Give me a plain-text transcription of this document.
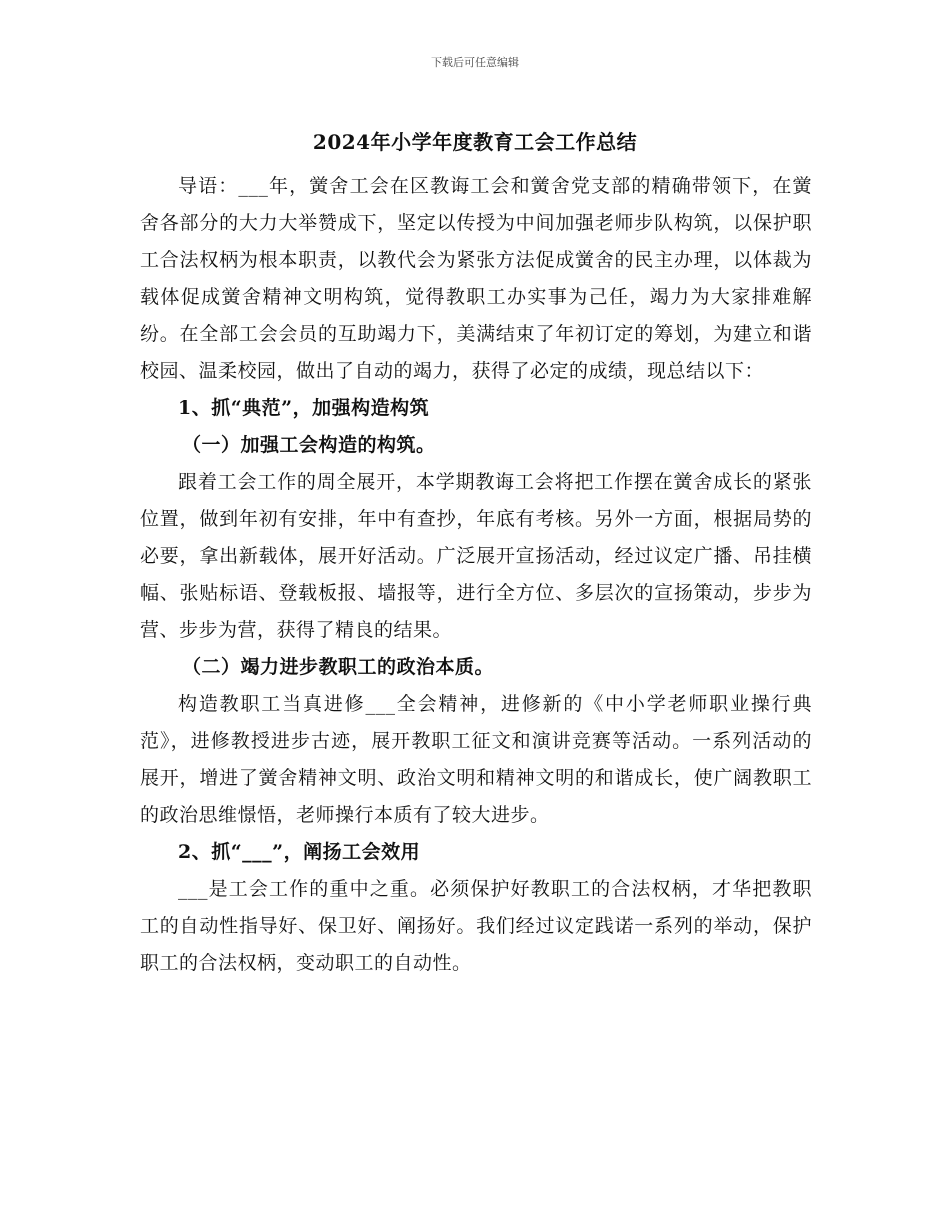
下载后可任意编辑
2024年小学年度教育工会工作总结

导语：___年，黉舍工会在区教诲工会和黉舍党支部的精确带领下，在黉舍各部分的大力大举赞成下，坚定以传授为中间加强老师步队构筑，以保护职工合法权柄为根本职责，以教代会为紧张方法促成黉舍的民主办理，以体裁为载体促成黉舍精神文明构筑，觉得教职工办实事为己任，竭力为大家排难解纷。在全部工会会员的互助竭力下，美满结束了年初订定的筹划，为建立和谐校园、温柔校园，做出了自动的竭力，获得了必定的成绩，现总结以下：

1、抓“典范”，加强构造构筑
（一）加强工会构造的构筑。

跟着工会工作的周全展开，本学期教诲工会将把工作摆在黉舍成长的紧张位置，做到年初有安排，年中有查抄，年底有考核。另外一方面，根据局势的必要，拿出新载体，展开好活动。广泛展开宣扬活动，经过议定广播、吊挂横幅、张贴标语、登载板报、墙报等，进行全方位、多层次的宣扬策动，步步为营、步步为营，获得了精良的结果。

（二）竭力进步教职工的政治本质。

构造教职工当真进修___全会精神，进修新的《中小学老师职业操行典范》，进修教授进步古迹，展开教职工征文和演讲竞赛等活动。一系列活动的展开，增进了黉舍精神文明、政治文明和精神文明的和谐成长，使广阔教职工的政治思维憬悟，老师操行本质有了较大进步。

2、抓“___”，阐扬工会效用

___是工会工作的重中之重。必须保护好教职工的合法权柄，才华把教职工的自动性指导好、保卫好、阐扬好。我们经过议定践诺一系列的举动，保护职工的合法权柄，变动职工的自动性。
